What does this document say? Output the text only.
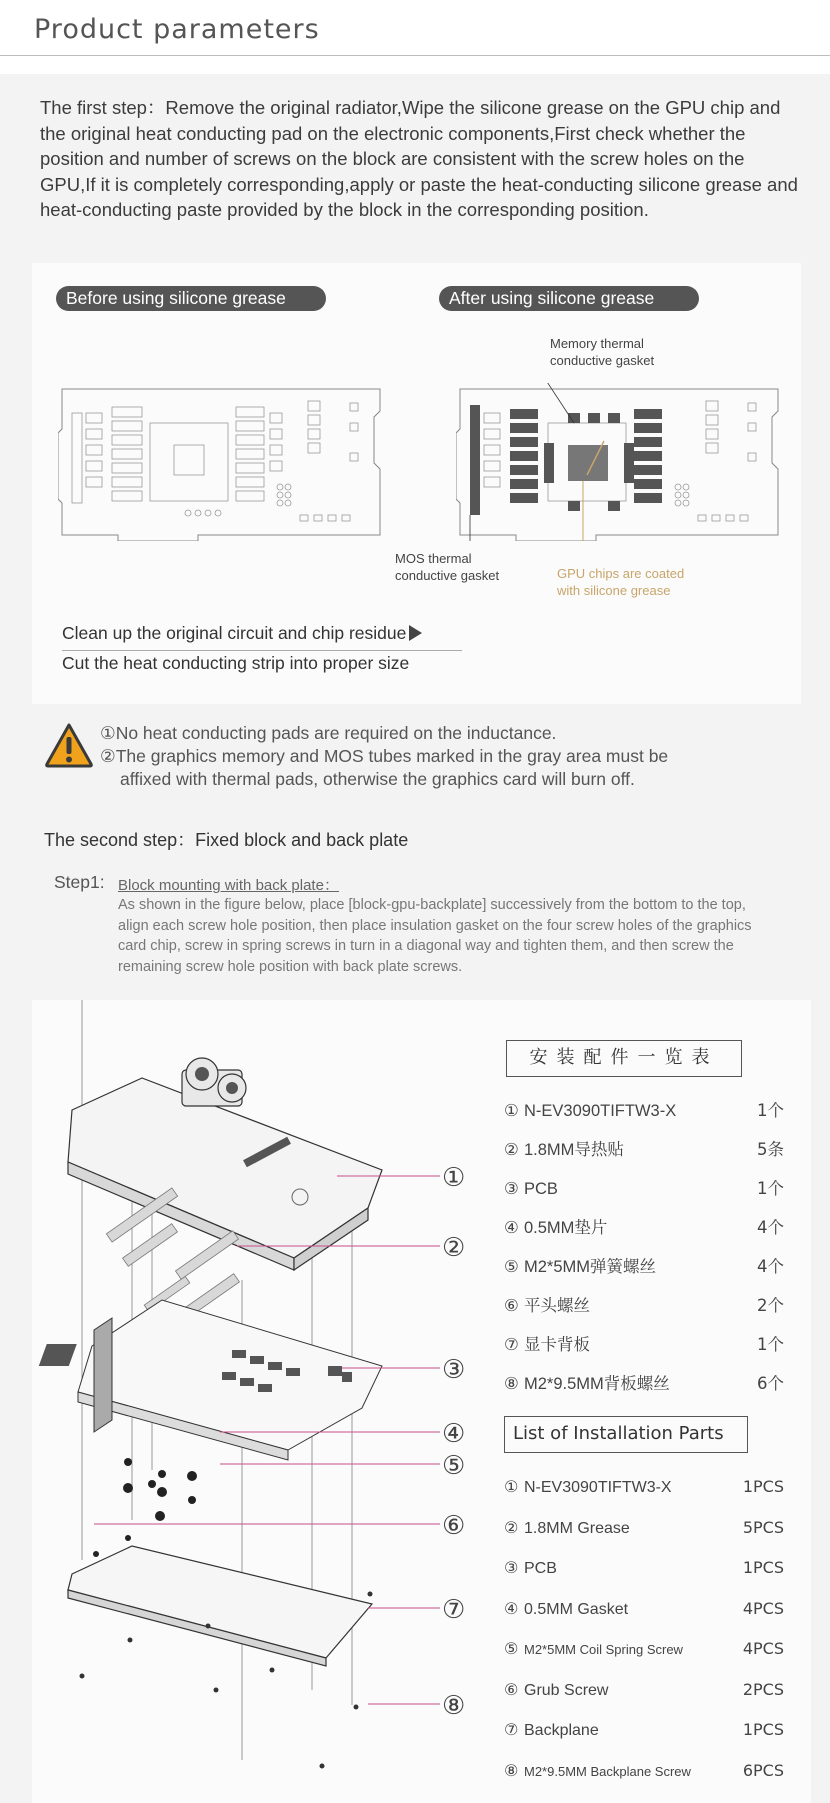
Product parameters

The first step：Remove the original radiator,Wipe the silicone grease on the GPU chip and the original heat conducting pad on the electronic components,First check whether the position and number of screws on the block are consistent with the screw holes on the GPU,If it is completely corresponding,apply or paste the heat-conducting silicone grease and heat-conducting paste provided by the block in the corresponding position.

Before using silicone grease	After using silicone grease
Memory thermal
conductive gasket
MOS thermal
conductive gasket	GPU chips are coated
with silicone grease
Clean up the original circuit and chip residue
Cut the heat conducting strip into proper size

①No heat conducting pads are required on the inductance.

②The graphics memory and MOS tubes marked in the gray area must be

affixed with thermal pads, otherwise the graphics card will burn off.

The second step：Fixed block and back plate
Step1: Block mounting with back plate：

As shown in the figure below, place [block-gpu-backplate] successively from the bottom to the top, align each screw hole position, then place insulation gasket on the four screw holes of the graphics card chip, screw in spring screws in turn in a diagonal way and tighten them, and then screw the remaining screw hole position with back plate screws.

①
②
③
④
⑤
⑥
⑦
⑧
安装配件一览表
① N-EV3090TIFTW3-X	1个
② 1.8MM导热贴	5条
③ PCB	1个
④ 0.5MM垫片	4个
⑤ M2*5MM弹簧螺丝	4个
⑥ 平头螺丝	2个
⑦ 显卡背板	1个
⑧ M2*9.5MM背板螺丝	6个
List of Installation Parts
① N-EV3090TIFTW3-X	1PCS
② 1.8MM Grease	5PCS
③ PCB	1PCS
④ 0.5MM Gasket	4PCS
⑤ M2*5MM Coil Spring Screw	4PCS
⑥ Grub Screw	2PCS
⑦ Backplane	1PCS
⑧ M2*9.5MM Backplane Screw	6PCS
